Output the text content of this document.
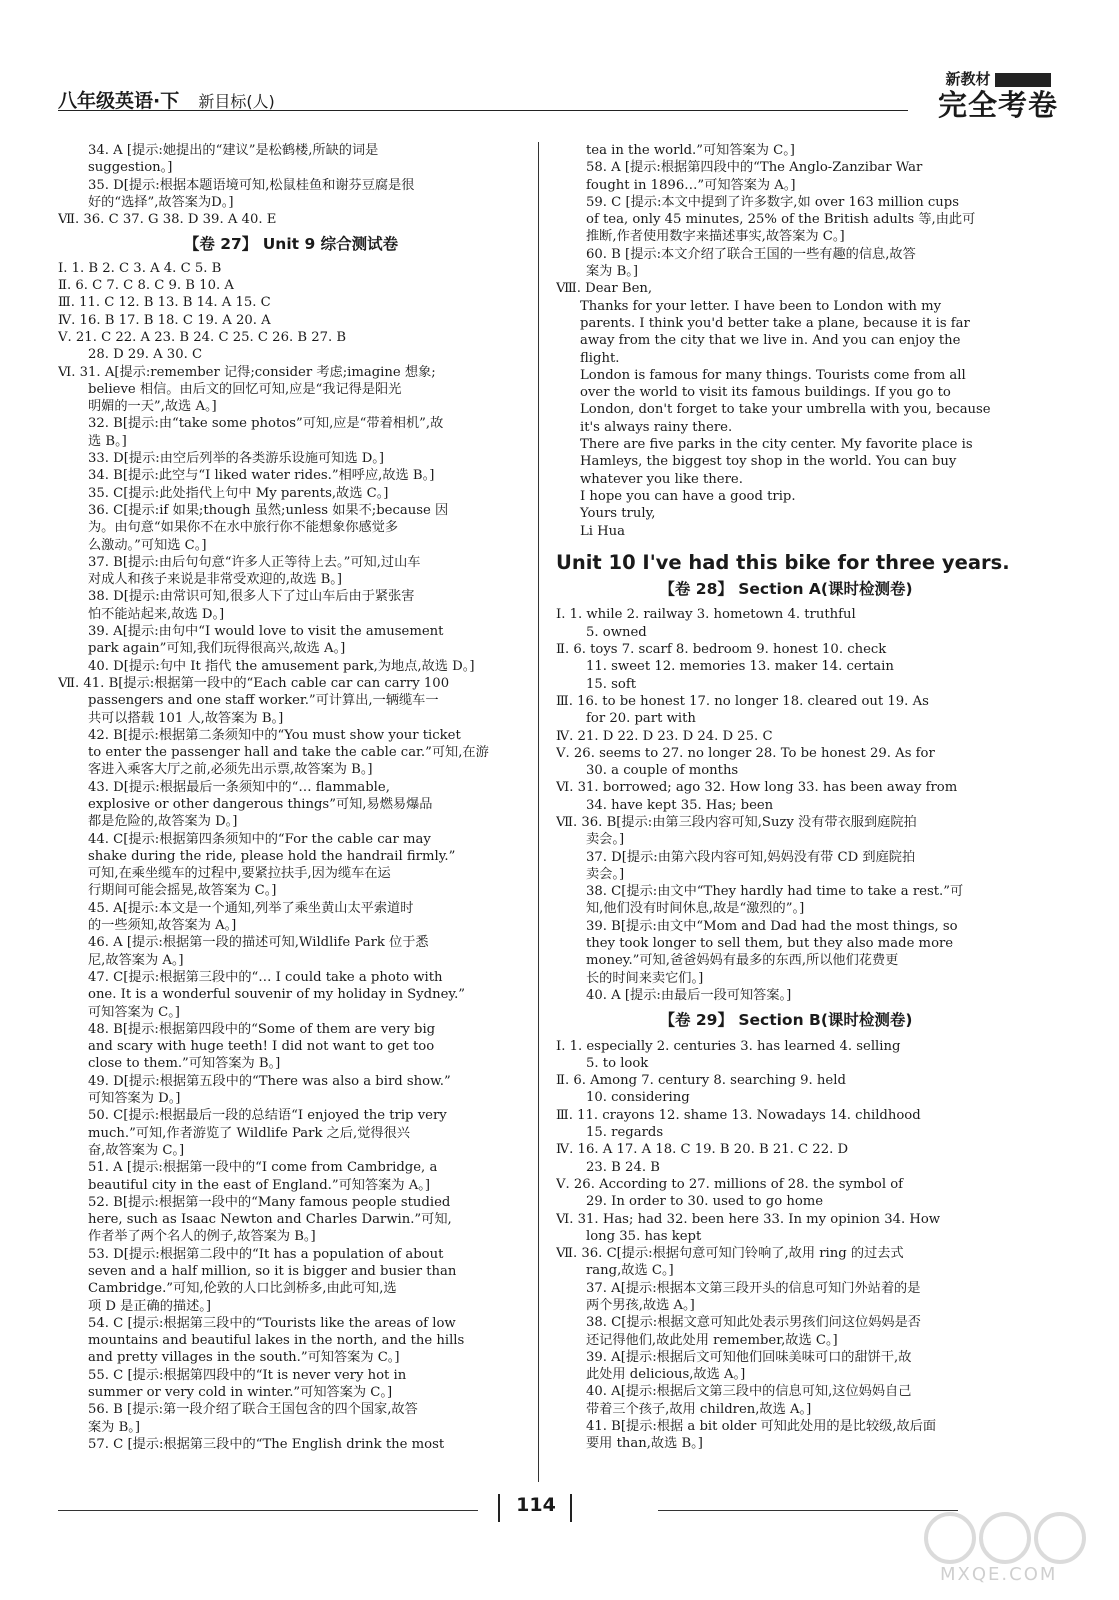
八年级英语·下 新目标(人)
新教材
完全考卷
34. A [提示:她提出的“建议”是松鹤楼,所缺的词是
suggestion。]
35. D[提示:根据本题语境可知,松鼠桂鱼和谢芬豆腐是很
好的“选择”,故答案为D。]
Ⅶ. 36. C 37. G 38. D 39. A 40. E
【卷 27】 Unit 9 综合测试卷
Ⅰ. 1. B 2. C 3. A 4. C 5. B
Ⅱ. 6. C 7. C 8. C 9. B 10. A
Ⅲ. 11. C 12. B 13. B 14. A 15. C
Ⅳ. 16. B 17. B 18. C 19. A 20. A
Ⅴ. 21. C 22. A 23. B 24. C 25. C 26. B 27. B
28. D 29. A 30. C
Ⅵ. 31. A[提示:remember 记得;consider 考虑;imagine 想象;
believe 相信。由后文的回忆可知,应是“我记得是阳光
明媚的一天”,故选 A。]
32. B[提示:由“take some photos”可知,应是“带着相机”,故
选 B。]
33. D[提示:由空后列举的各类游乐设施可知选 D。]
34. B[提示:此空与“I liked water rides.”相呼应,故选 B。]
35. C[提示:此处指代上句中 My parents,故选 C。]
36. C[提示:if 如果;though 虽然;unless 如果不;because 因
为。由句意“如果你不在水中旅行你不能想象你感觉多
么激动。”可知选 C。]
37. B[提示:由后句句意“许多人正等待上去。”可知,过山车
对成人和孩子来说是非常受欢迎的,故选 B。]
38. D[提示:由常识可知,很多人下了过山车后由于紧张害
怕不能站起来,故选 D。]
39. A[提示:由句中“I would love to visit the amusement
park again”可知,我们玩得很高兴,故选 A。]
40. D[提示:句中 It 指代 the amusement park,为地点,故选 D。]
Ⅶ. 41. B[提示:根据第一段中的“Each cable car can carry 100
passengers and one staff worker.”可计算出,一辆缆车一
共可以搭载 101 人,故答案为 B。]
42. B[提示:根据第二条须知中的“You must show your ticket
to enter the passenger hall and take the cable car.”可知,在游
客进入乘客大厅之前,必须先出示票,故答案为 B。]
43. D[提示:根据最后一条须知中的“… flammable,
explosive or other dangerous things”可知,易燃易爆品
都是危险的,故答案为 D。]
44. C[提示:根据第四条须知中的“For the cable car may
shake during the ride, please hold the handrail firmly.”
可知,在乘坐缆车的过程中,要紧拉扶手,因为缆车在运
行期间可能会摇晃,故答案为 C。]
45. A[提示:本文是一个通知,列举了乘坐黄山太平索道时
的一些须知,故答案为 A。]
46. A [提示:根据第一段的描述可知,Wildlife Park 位于悉
尼,故答案为 A。]
47. C[提示:根据第三段中的“… I could take a photo with
one. It is a wonderful souvenir of my holiday in Sydney.”
可知答案为 C。]
48. B[提示:根据第四段中的“Some of them are very big
and scary with huge teeth! I did not want to get too
close to them.”可知答案为 B。]
49. D[提示:根据第五段中的“There was also a bird show.”
可知答案为 D。]
50. C[提示:根据最后一段的总结语“I enjoyed the trip very
much.”可知,作者游览了 Wildlife Park 之后,觉得很兴
奋,故答案为 C。]
51. A [提示:根据第一段中的“I come from Cambridge, a
beautiful city in the east of England.”可知答案为 A。]
52. B[提示:根据第一段中的“Many famous people studied
here, such as Isaac Newton and Charles Darwin.”可知,
作者举了两个名人的例子,故答案为 B。]
53. D[提示:根据第二段中的“It has a population of about
seven and a half million, so it is bigger and busier than
Cambridge.”可知,伦敦的人口比剑桥多,由此可知,选
项 D 是正确的描述。]
54. C [提示:根据第三段中的“Tourists like the areas of low
mountains and beautiful lakes in the north, and the hills
and pretty villages in the south.”可知答案为 C。]
55. C [提示:根据第四段中的“It is never very hot in
summer or very cold in winter.”可知答案为 C。]
56. B [提示:第一段介绍了联合王国包含的四个国家,故答
案为 B。]
57. C [提示:根据第三段中的“The English drink the most
tea in the world.”可知答案为 C。]
58. A [提示:根据第四段中的“The Anglo-Zanzibar War
fought in 1896…”可知答案为 A。]
59. C [提示:本文中提到了许多数字,如 over 163 million cups
of tea, only 45 minutes, 25% of the British adults 等,由此可
推断,作者使用数字来描述事实,故答案为 C。]
60. B [提示:本文介绍了联合王国的一些有趣的信息,故答
案为 B。]
Ⅷ. Dear Ben,
Thanks for your letter. I have been to London with my
parents. I think you'd better take a plane, because it is far
away from the city that we live in. And you can enjoy the
flight.
London is famous for many things. Tourists come from all
over the world to visit its famous buildings. If you go to
London, don't forget to take your umbrella with you, because
it's always rainy there.
There are five parks in the city center. My favorite place is
Hamleys, the biggest toy shop in the world. You can buy
whatever you like there.
I hope you can have a good trip.
Yours truly,
Li Hua
Unit 10 I've had this bike for three years.
【卷 28】 Section A(课时检测卷)
Ⅰ. 1. while 2. railway 3. hometown 4. truthful
5. owned
Ⅱ. 6. toys 7. scarf 8. bedroom 9. honest 10. check
11. sweet 12. memories 13. maker 14. certain
15. soft
Ⅲ. 16. to be honest 17. no longer 18. cleared out 19. As
for 20. part with
Ⅳ. 21. D 22. D 23. D 24. D 25. C
Ⅴ. 26. seems to 27. no longer 28. To be honest 29. As for
30. a couple of months
Ⅵ. 31. borrowed; ago 32. How long 33. has been away from
34. have kept 35. Has; been
Ⅶ. 36. B[提示:由第三段内容可知,Suzy 没有带衣服到庭院拍
卖会。]
37. D[提示:由第六段内容可知,妈妈没有带 CD 到庭院拍
卖会。]
38. C[提示:由文中“They hardly had time to take a rest.”可
知,他们没有时间休息,故是“激烈的”。]
39. B[提示:由文中“Mom and Dad had the most things, so
they took longer to sell them, but they also made more
money.”可知,爸爸妈妈有最多的东西,所以他们花费更
长的时间来卖它们。]
40. A [提示:由最后一段可知答案。]
【卷 29】 Section B(课时检测卷)
Ⅰ. 1. especially 2. centuries 3. has learned 4. selling
5. to look
Ⅱ. 6. Among 7. century 8. searching 9. held
10. considering
Ⅲ. 11. crayons 12. shame 13. Nowadays 14. childhood
15. regards
Ⅳ. 16. A 17. A 18. C 19. B 20. B 21. C 22. D
23. B 24. B
Ⅴ. 26. According to 27. millions of 28. the symbol of
29. In order to 30. used to go home
Ⅵ. 31. Has; had 32. been here 33. In my opinion 34. How
long 35. has kept
Ⅶ. 36. C[提示:根据句意可知门铃响了,故用 ring 的过去式
rang,故选 C。]
37. A[提示:根据本文第三段开头的信息可知门外站着的是
两个男孩,故选 A。]
38. C[提示:根据文意可知此处表示男孩们问这位妈妈是否
还记得他们,故此处用 remember,故选 C。]
39. A[提示:根据后文可知他们回味美味可口的甜饼干,故
此处用 delicious,故选 A。]
40. A[提示:根据后文第三段中的信息可知,这位妈妈自己
带着三个孩子,故用 children,故选 A。]
41. B[提示:根据 a bit older 可知此处用的是比较级,故后面
要用 than,故选 B。]
114
MXQE.COM
